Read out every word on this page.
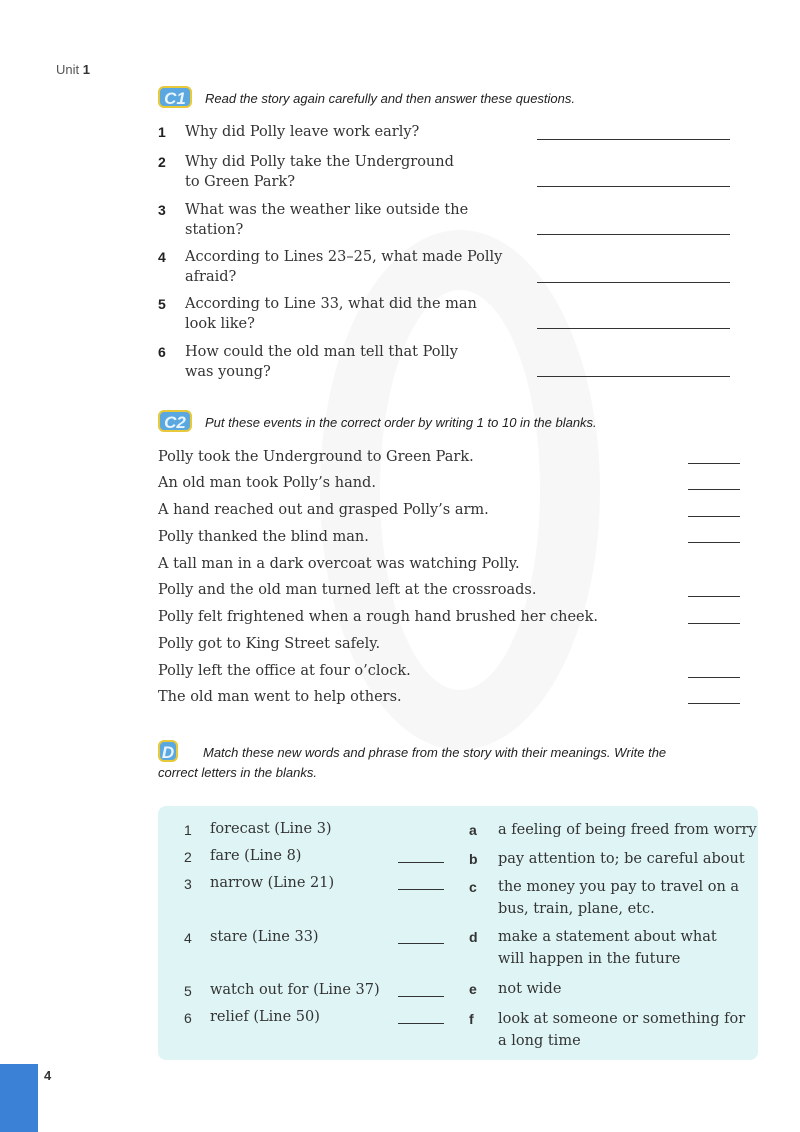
Unit 1
C1	Read the story again carefully and then answer these questions.
1 Why did Polly leave work early?
2 Why did Polly take the Underground to Green Park?
3 What was the weather like outside the station?
4 According to Lines 23–25, what made Polly afraid?
5 According to Line 33, what did the man look like?
6 How could the old man tell that Polly was young?
C2	Put these events in the correct order by writing 1 to 10 in the blanks.
Polly took the Underground to Green Park.
An old man took Polly’s hand.
A hand reached out and grasped Polly’s arm.
Polly thanked the blind man.
A tall man in a dark overcoat was watching Polly.
Polly and the old man turned left at the crossroads.
Polly felt frightened when a rough hand brushed her cheek.
Polly got to King Street safely.
Polly left the office at four o’clock.
The old man went to help others.
D Match these new words and phrase from the story with their meanings. Write the
correct letters in the blanks.
1 forecast (Line 3)
2 fare (Line 8)
3 narrow (Line 21)
4 stare (Line 33)
5 watch out for (Line 37)
6 relief (Line 50)
a a feeling of being freed from worry
b pay attention to; be careful about
c the money you pay to travel on a bus, train, plane, etc.
d make a statement about what will happen in the future
e not wide
f look at someone or something for a long time
4
